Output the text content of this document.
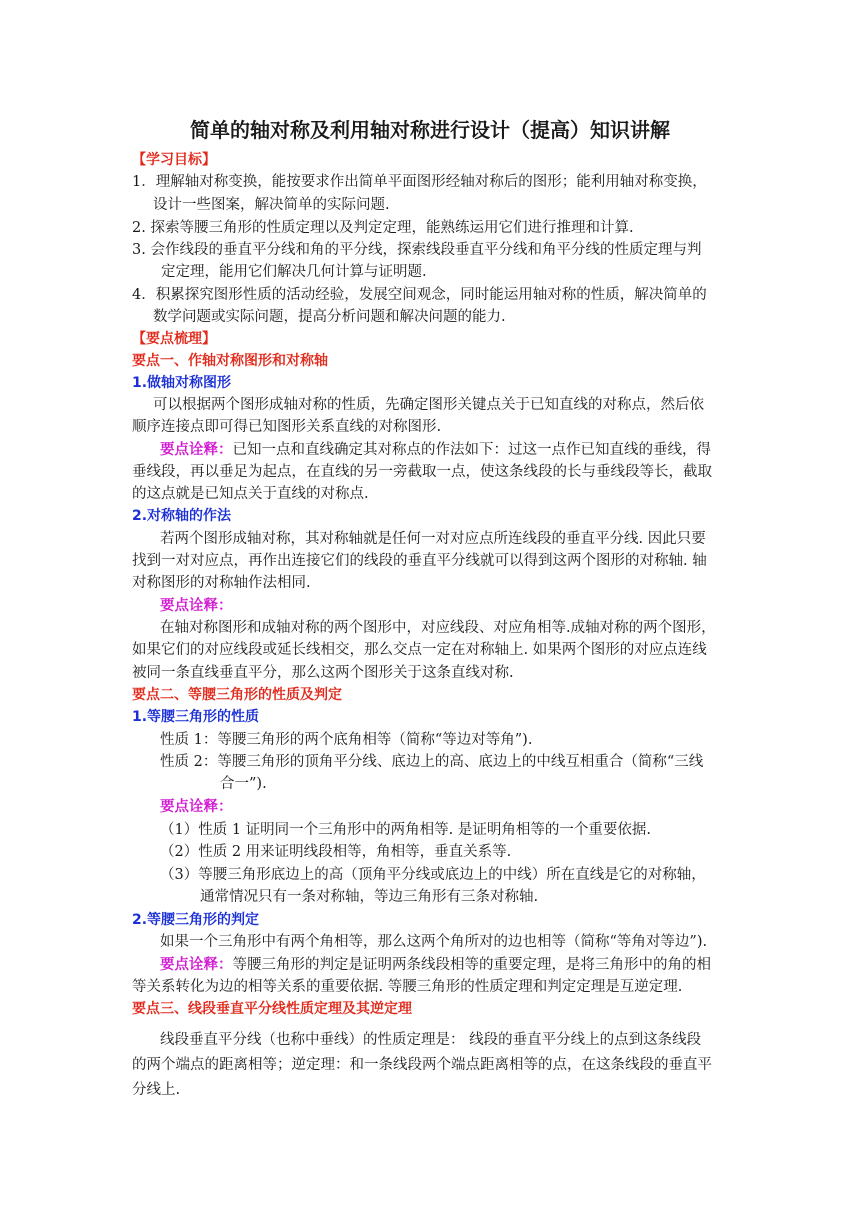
简单的轴对称及利用轴对称进行设计（提高）知识讲解
【学习目标】
1．理解轴对称变换，能按要求作出简单平面图形经轴对称后的图形；能利用轴对称变换，
设计一些图案，解决简单的实际问题.
2. 探索等腰三角形的性质定理以及判定定理，能熟练运用它们进行推理和计算.
3. 会作线段的垂直平分线和角的平分线，探索线段垂直平分线和角平分线的性质定理与判
定定理，能用它们解决几何计算与证明题.
4．积累探究图形性质的活动经验，发展空间观念，同时能运用轴对称的性质，解决简单的
数学问题或实际问题，提高分析问题和解决问题的能力.
【要点梳理】
要点一、作轴对称图形和对称轴
1.做轴对称图形
可以根据两个图形成轴对称的性质，先确定图形关键点关于已知直线的对称点，然后依
顺序连接点即可得已知图形关系直线的对称图形.
要点诠释：已知一点和直线确定其对称点的作法如下：过这一点作已知直线的垂线，得
垂线段，再以垂足为起点，在直线的另一旁截取一点，使这条线段的长与垂线段等长，截取
的这点就是已知点关于直线的对称点.
2.对称轴的作法
若两个图形成轴对称，其对称轴就是任何一对对应点所连线段的垂直平分线. 因此只要
找到一对对应点，再作出连接它们的线段的垂直平分线就可以得到这两个图形的对称轴. 轴
对称图形的对称轴作法相同.
要点诠释：
在轴对称图形和成轴对称的两个图形中，对应线段、对应角相等.成轴对称的两个图形，
如果它们的对应线段或延长线相交，那么交点一定在对称轴上. 如果两个图形的对应点连线
被同一条直线垂直平分，那么这两个图形关于这条直线对称.
要点二、等腰三角形的性质及判定
1.等腰三角形的性质
性质 1：等腰三角形的两个底角相等（简称“等边对等角”).
性质 2：等腰三角形的顶角平分线、底边上的高、底边上的中线互相重合（简称“三线
合一”).
要点诠释：
（1）性质 1 证明同一个三角形中的两角相等. 是证明角相等的一个重要依据.
（2）性质 2 用来证明线段相等，角相等，垂直关系等.
（3）等腰三角形底边上的高（顶角平分线或底边上的中线）所在直线是它的对称轴，
通常情况只有一条对称轴，等边三角形有三条对称轴.
2.等腰三角形的判定
如果一个三角形中有两个角相等，那么这两个角所对的边也相等（简称“等角对等边”).
要点诠释：等腰三角形的判定是证明两条线段相等的重要定理，是将三角形中的角的相
等关系转化为边的相等关系的重要依据. 等腰三角形的性质定理和判定定理是互逆定理.
要点三、线段垂直平分线性质定理及其逆定理
线段垂直平分线（也称中垂线）的性质定理是： 线段的垂直平分线上的点到这条线段
的两个端点的距离相等；逆定理：和一条线段两个端点距离相等的点，在这条线段的垂直平
分线上.
